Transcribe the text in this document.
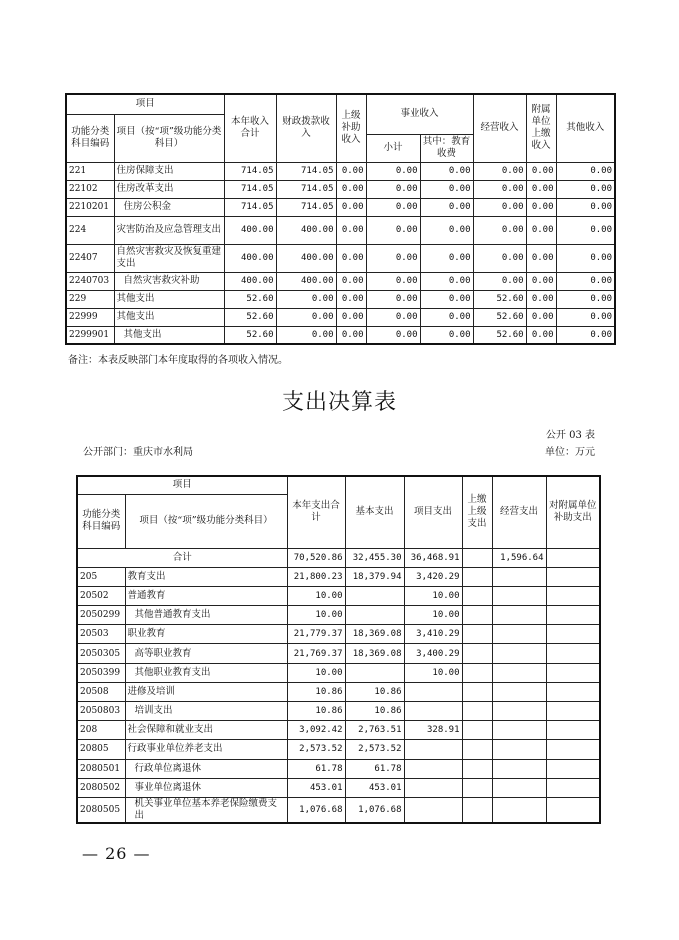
项目		本年收入合计	财政拨款收入	上级补助收入	事业收入		经营收入	附属单位上缴收入	其他收入
功能分类科目编码	项目（按“项”级功能分类科目）								
					小计	其中：教育收费			
221	住房保障支出	714.05	714.05	0.00	0.00	0.00	0.00	0.00	0.00
22102	住房改革支出	714.05	714.05	0.00	0.00	0.00	0.00	0.00	0.00
2210201	住房公积金	714.05	714.05	0.00	0.00	0.00	0.00	0.00	0.00
224	灾害防治及应急管理支出	400.00	400.00	0.00	0.00	0.00	0.00	0.00	0.00
22407	自然灾害救灾及恢复重建支出	400.00	400.00	0.00	0.00	0.00	0.00	0.00	0.00
2240703	自然灾害救灾补助	400.00	400.00	0.00	0.00	0.00	0.00	0.00	0.00
229	其他支出	52.60	0.00	0.00	0.00	0.00	52.60	0.00	0.00
22999	其他支出	52.60	0.00	0.00	0.00	0.00	52.60	0.00	0.00
2299901	其他支出	52.60	0.00	0.00	0.00	0.00	52.60	0.00	0.00
备注：本表反映部门本年度取得的各项收入情况。
支出决算表
公开 03 表
公开部门：重庆市水利局	单位：万元
项目		本年支出合计	基本支出	项目支出	上缴上级支出	经营支出	对附属单位补助支出
功能分类科目编码	项目（按“项”级功能分类科目）						
合计		70,520.86	32,455.30	36,468.91		1,596.64	
205	教育支出	21,800.23	18,379.94	3,420.29			
20502	普通教育	10.00		10.00			
2050299	其他普通教育支出	10.00		10.00			
20503	职业教育	21,779.37	18,369.08	3,410.29			
2050305	高等职业教育	21,769.37	18,369.08	3,400.29			
2050399	其他职业教育支出	10.00		10.00			
20508	进修及培训	10.86	10.86				
2050803	培训支出	10.86	10.86				
208	社会保障和就业支出	3,092.42	2,763.51	328.91			
20805	行政事业单位养老支出	2,573.52	2,573.52				
2080501	行政单位离退休	61.78	61.78				
2080502	事业单位离退休	453.01	453.01				
2080505	机关事业单位基本养老保险缴费支出	1,076.68	1,076.68				
— 26 —
